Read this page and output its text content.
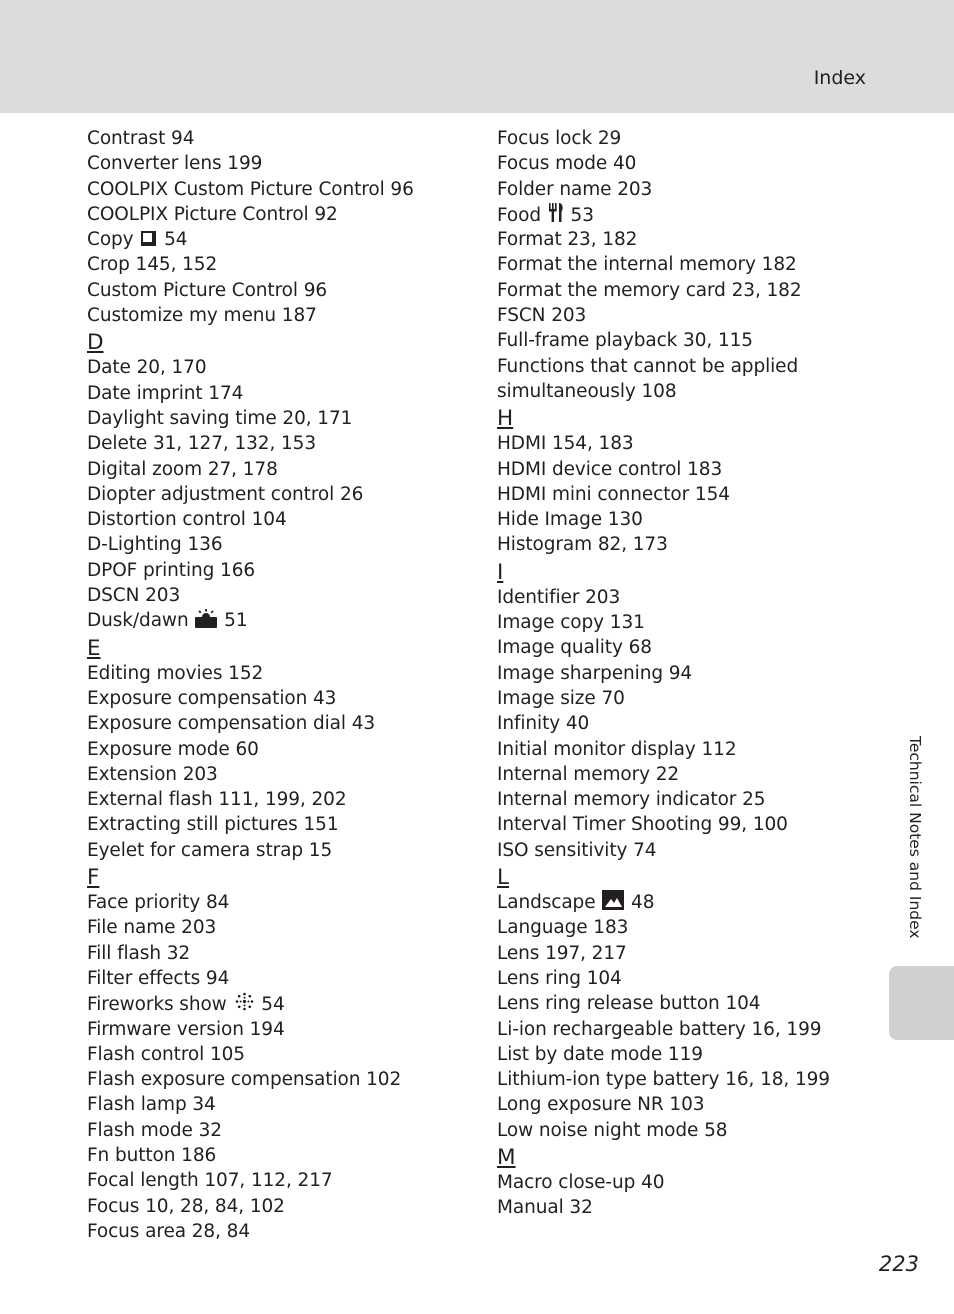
Index
Contrast 94
Converter lens 199
COOLPIX Custom Picture Control 96
COOLPIX Picture Control 92
Copy
54
Crop 145, 152
Custom Picture Control 96
Customize my menu 187
D
Date 20, 170
Date imprint 174
Daylight saving time 20, 171
Delete 31, 127, 132, 153
Digital zoom 27, 178
Diopter adjustment control 26
Distortion control 104
D-Lighting 136
DPOF printing 166
DSCN 203
Dusk/dawn
51
E
Editing movies 152
Exposure compensation 43
Exposure compensation dial 43
Exposure mode 60
Extension 203
External flash 111, 199, 202
Extracting still pictures 151
Eyelet for camera strap 15
F
Face priority 84
File name 203
Fill flash 32
Filter effects 94
Fireworks show
54
Firmware version 194
Flash control 105
Flash exposure compensation 102
Flash lamp 34
Flash mode 32
Fn button 186
Focal length 107, 112, 217
Focus 10, 28, 84, 102
Focus area 28, 84
Focus lock 29
Focus mode 40
Folder name 203
Food
53
Format 23, 182
Format the internal memory 182
Format the memory card 23, 182
FSCN 203
Full-frame playback 30, 115
Functions that cannot be applied
simultaneously 108
H
HDMI 154, 183
HDMI device control 183
HDMI mini connector 154
Hide Image 130
Histogram 82, 173
I
Identifier 203
Image copy 131
Image quality 68
Image sharpening 94
Image size 70
Infinity 40
Initial monitor display 112
Internal memory 22
Internal memory indicator 25
Interval Timer Shooting 99, 100
ISO sensitivity 74
L
Landscape
48
Language 183
Lens 197, 217
Lens ring 104
Lens ring release button 104
Li-ion rechargeable battery 16, 199
List by date mode 119
Lithium-ion type battery 16, 18, 199
Long exposure NR 103
Low noise night mode 58
M
Macro close-up 40
Manual 32
Technical Notes and Index
223
